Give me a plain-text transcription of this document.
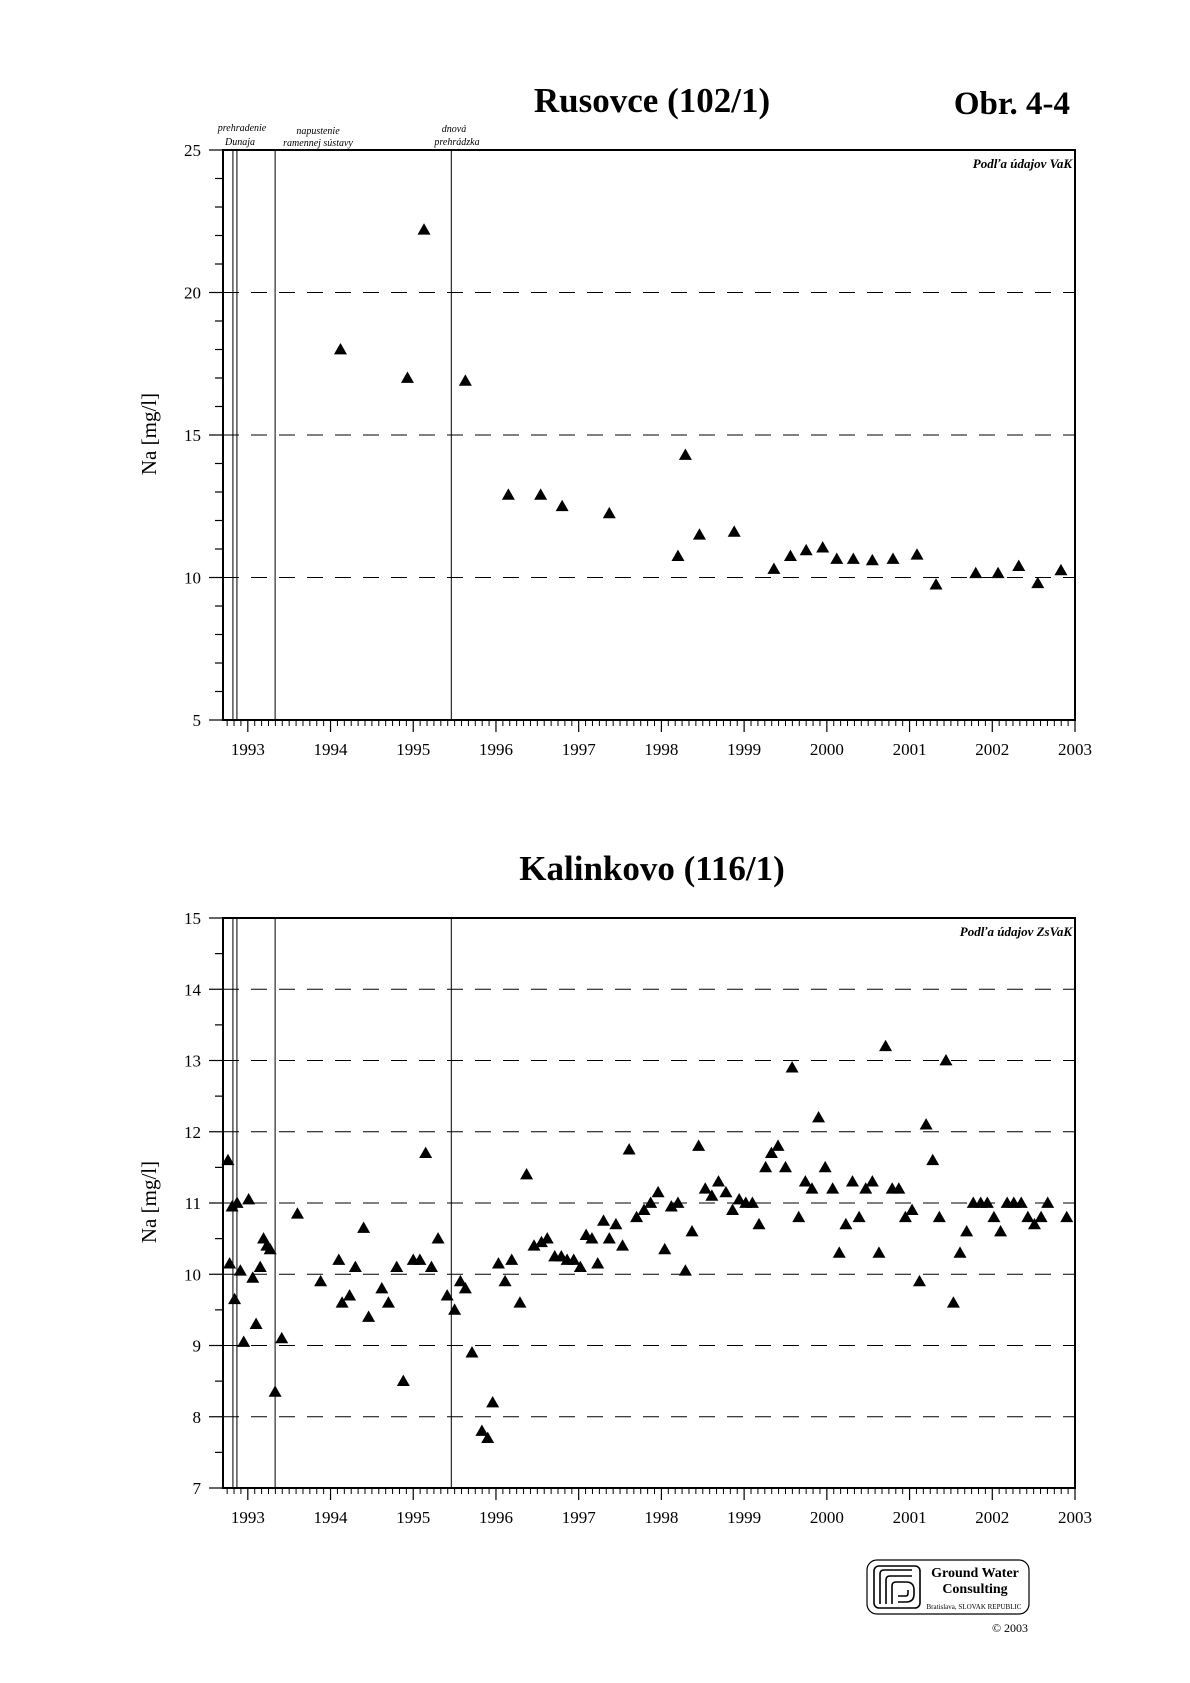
Obr. 4-4
Rusovce (102/1)
Podľa údajov VaK
Na [mg/l]
5
10
15
20
25
1993	1994	1995	1996	1997	1998	1999	2000	2001	2002	2003
Kalinkovo (116/1)
Podľa údajov ZsVaK
Na [mg/l]
7
8
9
10
11
12
13
14
15
1993	1994	1995	1996	1997	1998	1999	2000	2001	2002	2003
prehradenie
Dunaja
napustenie
ramennej sústavy
dnová
prehrádzka
Ground Water
Consulting
Bratislava, SLOVAK REPUBLIC
© 2003
